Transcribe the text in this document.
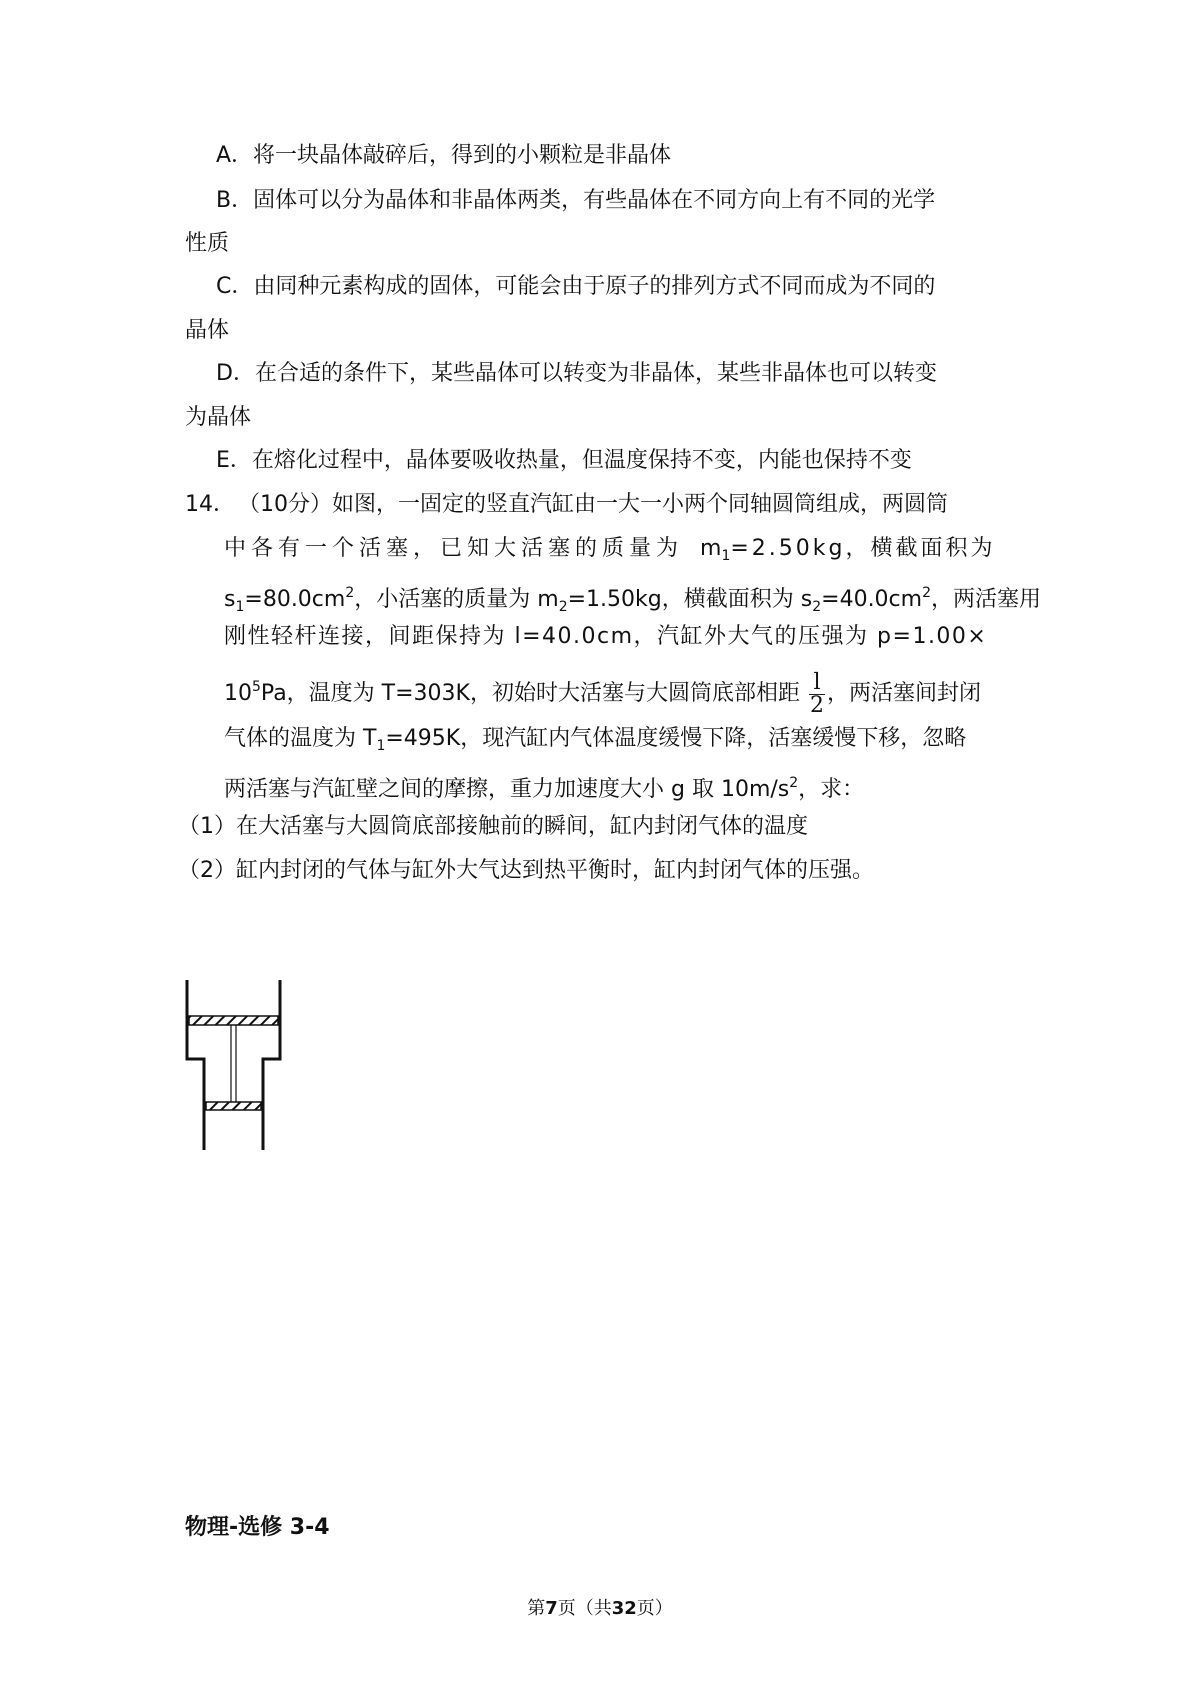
A．将一块晶体敲碎后，得到的小颗粒是非晶体
B．固体可以分为晶体和非晶体两类，有些晶体在不同方向上有不同的光学
性质
C．由同种元素构成的固体，可能会由于原子的排列方式不同而成为不同的
晶体
D．在合适的条件下，某些晶体可以转变为非晶体，某些非晶体也可以转变
为晶体
E．在熔化过程中，晶体要吸收热量，但温度保持不变，内能也保持不变
14． （10分）如图，一固定的竖直汽缸由一大一小两个同轴圆筒组成，两圆筒
中各有一个活塞，已知大活塞的质量为 $m_1=2.50kg$，横截面积为
$s_1=80.0cm^2$，小活塞的质量为 $m_2=1.50kg$，横截面积为 $s_2=40.0cm^2$，两活塞用
刚性轻杆连接，间距保持为 l=40.0cm，汽缸外大气的压强为 p=1.00×
$10^5Pa$，温度为 T=303K，初始时大活塞与大圆筒底部相距 $\frac{l}{2}$ ，两活塞间封闭
气体的温度为 $T_1=495K$，现汽缸内气体温度缓慢下降，活塞缓慢下移，忽略
两活塞与汽缸壁之间的摩擦，重力加速度大小 g 取 $10m/s^2$，求：
（1）在大活塞与大圆筒底部接触前的瞬间，缸内封闭气体的温度
（2）缸内封闭的气体与缸外大气达到热平衡时，缸内封闭气体的压强。
物理-选修 3-4
第7页（共32页）
